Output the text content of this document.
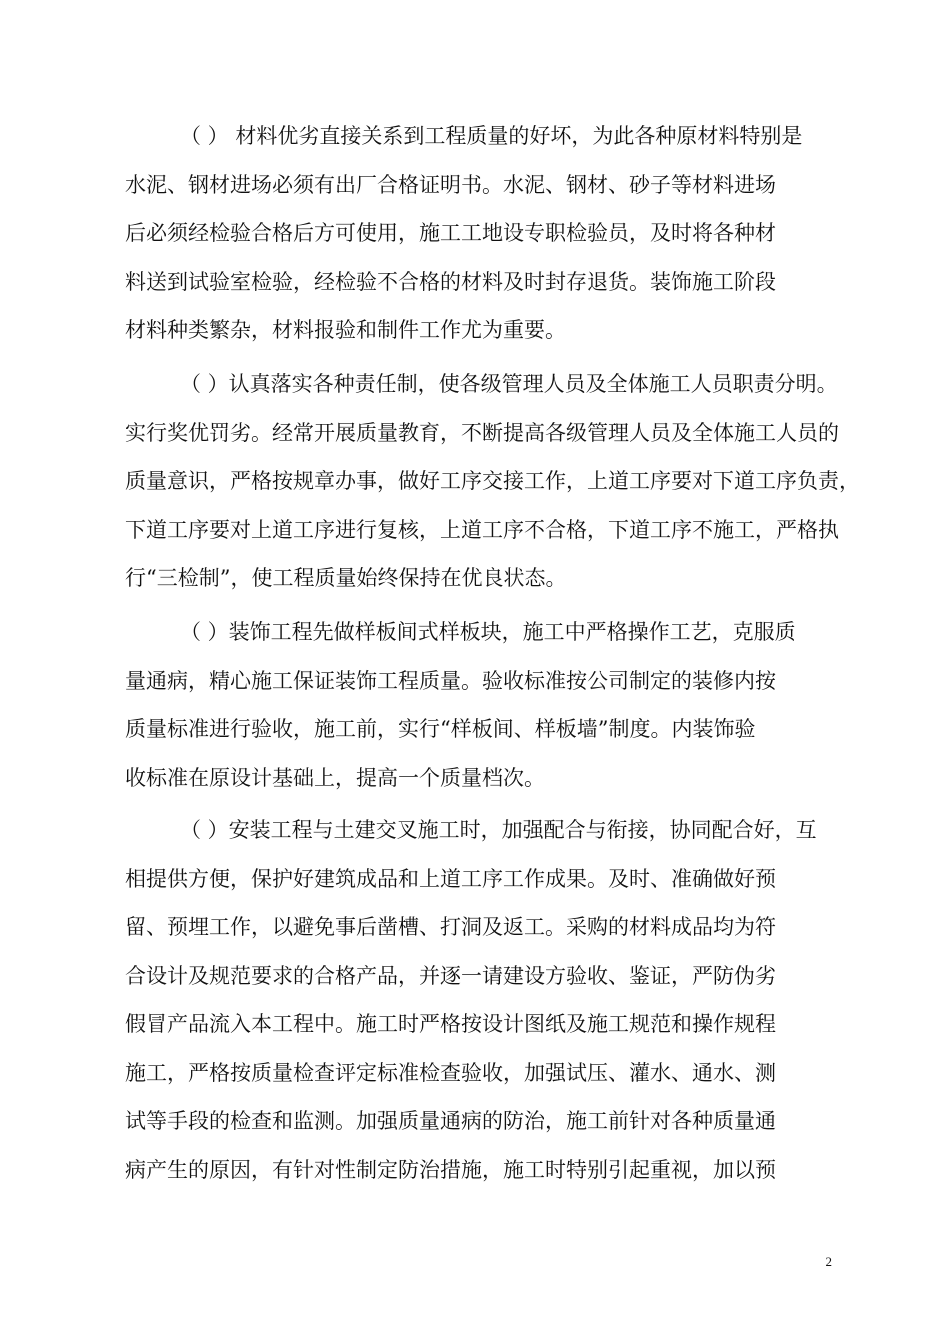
（ ） 材料优劣直接关系到工程质量的好坏，为此各种原材料特别是
水泥、钢材进场必须有出厂合格证明书。水泥、钢材、砂子等材料进场
后必须经检验合格后方可使用，施工工地设专职检验员，及时将各种材
料送到试验室检验，经检验不合格的材料及时封存退货。装饰施工阶段
材料种类繁杂，材料报验和制件工作尤为重要。
（ ）认真落实各种责任制，使各级管理人员及全体施工人员职责分明。
实行奖优罚劣。经常开展质量教育，不断提高各级管理人员及全体施工人员的
质量意识，严格按规章办事，做好工序交接工作，上道工序要对下道工序负责，
下道工序要对上道工序进行复核，上道工序不合格，下道工序不施工，严格执
行“三检制”，使工程质量始终保持在优良状态。
（ ）装饰工程先做样板间式样板块，施工中严格操作工艺，克服质
量通病，精心施工保证装饰工程质量。验收标准按公司制定的装修内按
质量标准进行验收，施工前，实行“样板间、样板墙”制度。内装饰验
收标准在原设计基础上，提高一个质量档次。
（ ）安装工程与土建交叉施工时，加强配合与衔接，协同配合好，互
相提供方便，保护好建筑成品和上道工序工作成果。及时、准确做好预
留、预埋工作，以避免事后凿槽、打洞及返工。采购的材料成品均为符
合设计及规范要求的合格产品，并逐一请建设方验收、鉴证，严防伪劣
假冒产品流入本工程中。施工时严格按设计图纸及施工规范和操作规程
施工，严格按质量检查评定标准检查验收，加强试压、灌水、通水、测
试等手段的检查和监测。加强质量通病的防治，施工前针对各种质量通
病产生的原因，有针对性制定防治措施，施工时特别引起重视，加以预
2
